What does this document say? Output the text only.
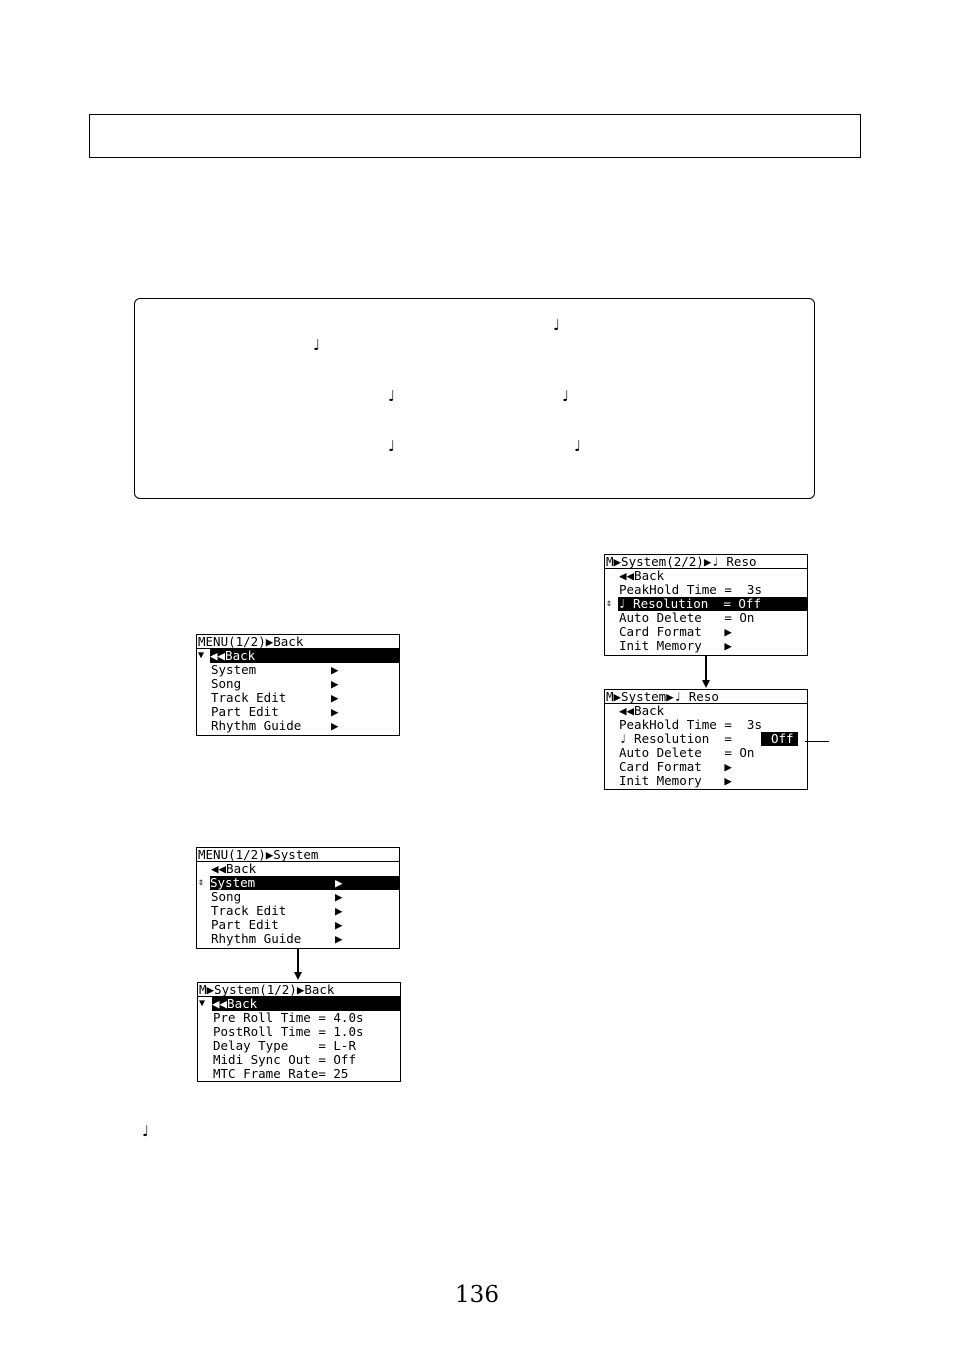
♩
♩
♩	♩
♩	♩
♩
MENU(1/2)▶Back
▼ ◀◀Back
System	▶
Song	▶
Track Edit	▶
Part Edit	▶
Rhythm Guide ▶
MENU(1/2)▶System
◀◀Back
⇕ System	▶
Song	▶
Track Edit	▶
Part Edit	▶
Rhythm Guide	▶
M▶System(1/2)▶Back
▼ ◀◀Back
Pre Roll Time = 4.0s
PostRoll Time = 1.0s
Delay Type    = L-R
Midi Sync Out = Off
MTC Frame Rate= 25
M▶System(2/2)▶♩ Reso
◀◀Back
PeakHold Time =  3s
⇕ ♩ Resolution  = Off
Auto Delete   = On
Card Format   ▶
Init Memory   ▶
M▶System▶♩ Reso
◀◀Back
PeakHold Time =  3s
♩ Resolution  =	Off
Auto Delete   = On
Card Format   ▶
Init Memory   ▶
136
